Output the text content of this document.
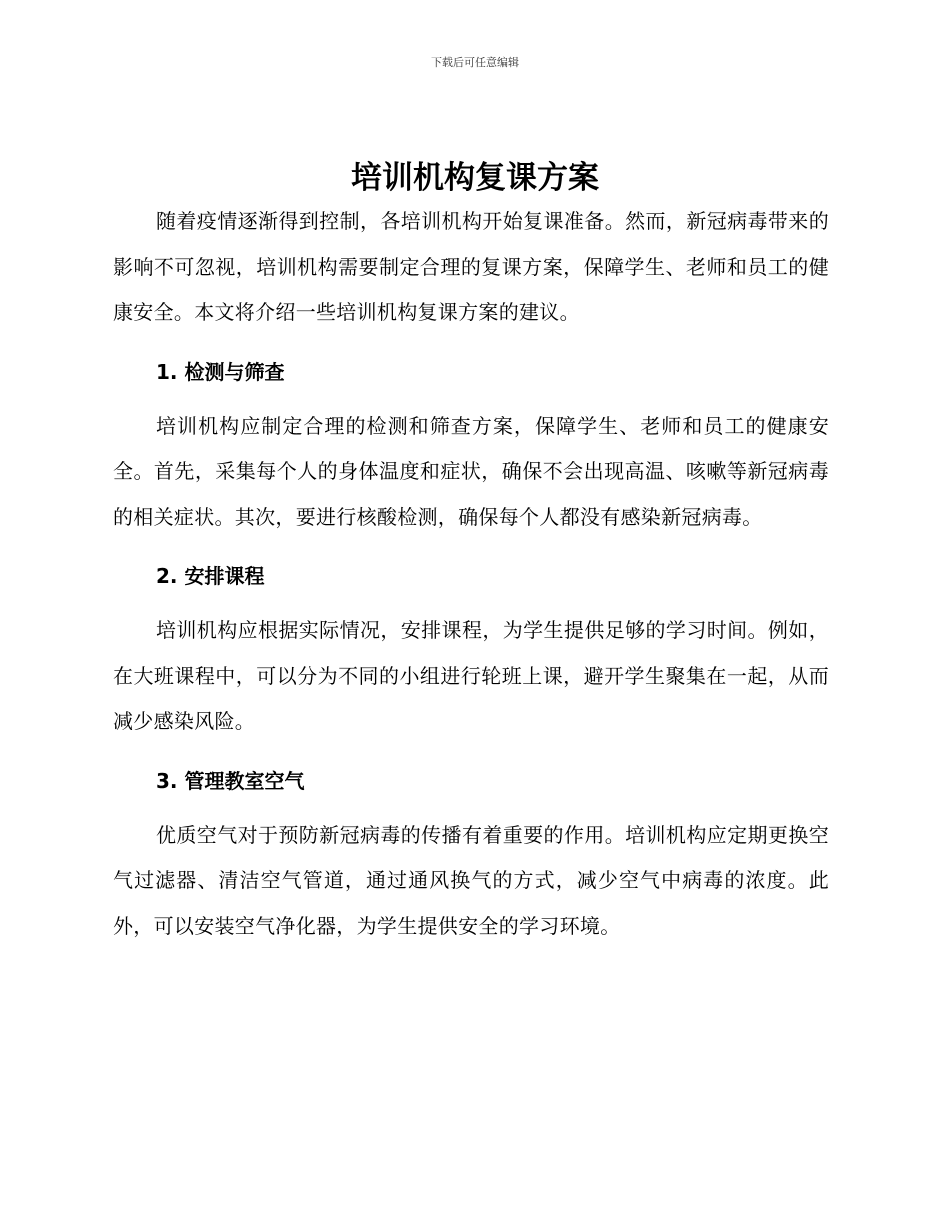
下载后可任意编辑
培训机构复课方案

随着疫情逐渐得到控制，各培训机构开始复课准备。然而，新冠病毒带来的影响不可忽视，培训机构需要制定合理的复课方案，保障学生、老师和员工的健康安全。本文将介绍一些培训机构复课方案的建议。

1. 检测与筛查

培训机构应制定合理的检测和筛查方案，保障学生、老师和员工的健康安全。首先，采集每个人的身体温度和症状，确保不会出现高温、咳嗽等新冠病毒的相关症状。其次，要进行核酸检测，确保每个人都没有感染新冠病毒。

2. 安排课程

培训机构应根据实际情况，安排课程，为学生提供足够的学习时间。例如，在大班课程中，可以分为不同的小组进行轮班上课，避开学生聚集在一起，从而减少感染风险。

3. 管理教室空气

优质空气对于预防新冠病毒的传播有着重要的作用。培训机构应定期更换空气过滤器、清洁空气管道，通过通风换气的方式，减少空气中病毒的浓度。此外，可以安装空气净化器，为学生提供安全的学习环境。
